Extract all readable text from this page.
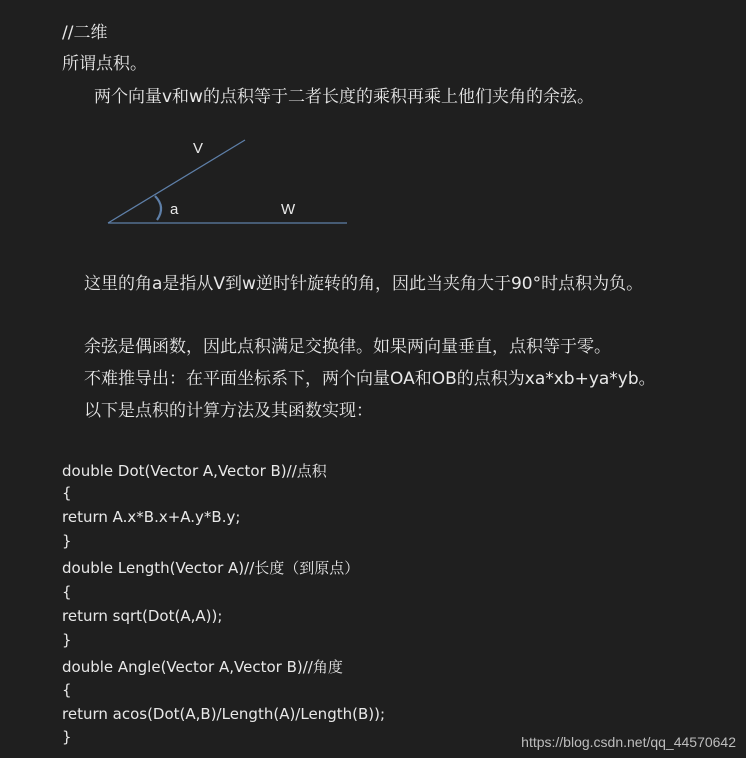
//二维
所谓点积。
两个向量v和w的点积等于二者长度的乘积再乘上他们夹角的余弦。
V
a	W
这里的角a是指从V到w逆时针旋转的角，因此当夹角大于90°时点积为负。
余弦是偶函数，因此点积满足交换律。如果两向量垂直，点积等于零。
不难推导出：在平面坐标系下，两个向量OA和OB的点积为xa*xb+ya*yb。
以下是点积的计算方法及其函数实现：
double Dot(Vector A,Vector B)//点积
{
return A.x*B.x+A.y*B.y;
}
double Length(Vector A)//长度（到原点）
{
return sqrt(Dot(A,A));
}
double Angle(Vector A,Vector B)//角度
{
return acos(Dot(A,B)/Length(A)/Length(B));
}	https://blog.csdn.net/qq_44570642
